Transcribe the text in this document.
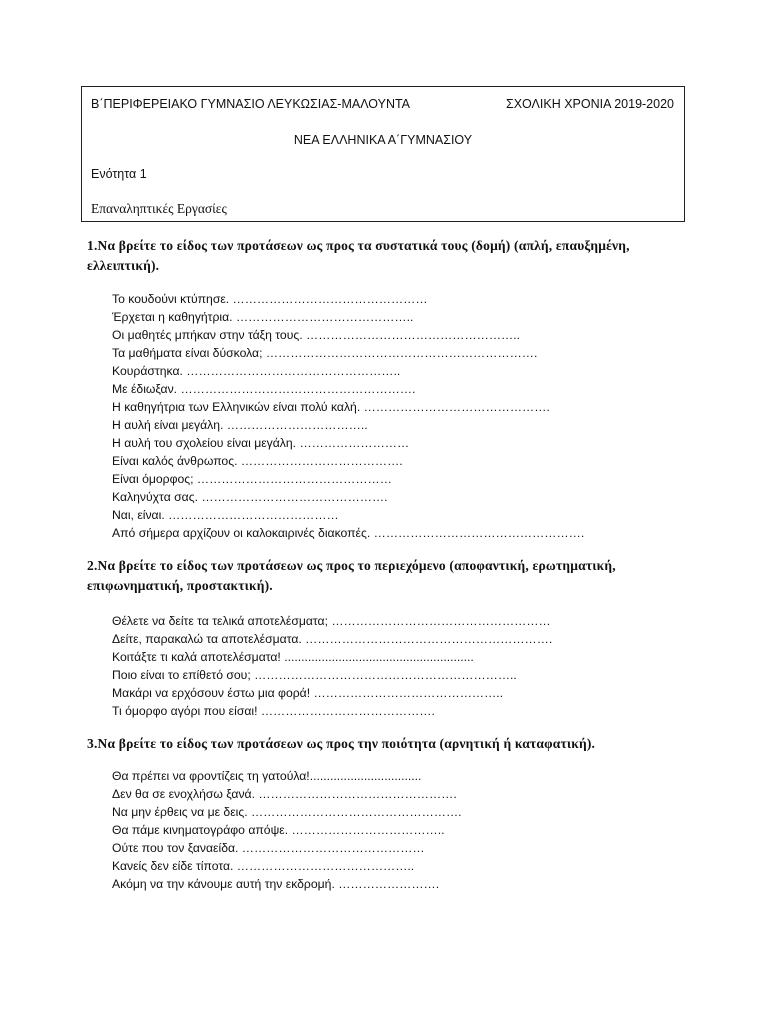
Β΄ΠΕΡΙΦΕΡΕΙΑΚΟ ΓΥΜΝΑΣΙΟ ΛΕΥΚΩΣΙΑΣ-ΜΑΛΟΥΝΤΑ	ΣΧΟΛΙΚΗ ΧΡΟΝΙΑ 2019-2020
ΝΕΑ ΕΛΛΗΝΙΚΑ Α΄ΓΥΜΝΑΣΙΟΥ
Ενότητα 1
Επαναληπτικές Εργασίες
1.Να βρείτε το είδος των προτάσεων ως προς τα συστατικά τους (δομή) (απλή, επαυξημένη, ελλειπτική).
Το κουδούνι κτύπησε. …………………………………………
Έρχεται η καθηγήτρια. ……………………………………..
Οι μαθητές μπήκαν στην τάξη τους. ……………………………………………..
Τα μαθήματα είναι δύσκολα; ………………………………………………………….
Κουράστηκα. ……………………………………………..
Με έδιωξαν. ………………………………………………….
Η καθηγήτρια των Ελληνικών είναι πολύ καλή. ……………………………………….
Η αυλή είναι μεγάλη. ……………………………..
Η αυλή του σχολείου είναι μεγάλη. ………………………
Είναι καλός άνθρωπος. ………………………………….
Είναι όμορφος; …………………………………………
Καληνύχτα σας. ……………………………………….
Ναι, είναι. ……………………………………
Από σήμερα αρχίζουν οι καλοκαιρινές διακοπές. …………………………………………….
2.Να βρείτε το είδος των προτάσεων ως προς το περιεχόμενο (αποφαντική, ερωτηματική, επιφωνηματική, προστακτική).
Θέλετε να δείτε τα τελικά αποτελέσματα; ………………………………………………
Δείτε, παρακαλώ τα αποτελέσματα. …………………………………………………….
Κοιτάξτε τι καλά αποτελέσματα! ........................................................
Ποιο είναι το επίθετό σου; ………………………………………………………..
Μακάρι να ερχόσουν έστω μια φορά! ………………………………………..
Τι όμορφο αγόρι που είσαι! …………………………………….
3.Να βρείτε το είδος των προτάσεων ως προς την ποιότητα (αρνητική ή καταφατική).
Θα πρέπει να φροντίζεις τη γατούλα!.................................
Δεν θα σε ενοχλήσω ξανά. ………………………………………….
Να μην έρθεις να με δεις. …………………………………………….
Θα πάμε κινηματογράφο απόψε. ………………………………..
Ούτε που τον ξαναείδα. ………………………………………
Κανείς δεν είδε τίποτα. ……………………………………..
Ακόμη να την κάνουμε αυτή την εκδρομή. …………………….
